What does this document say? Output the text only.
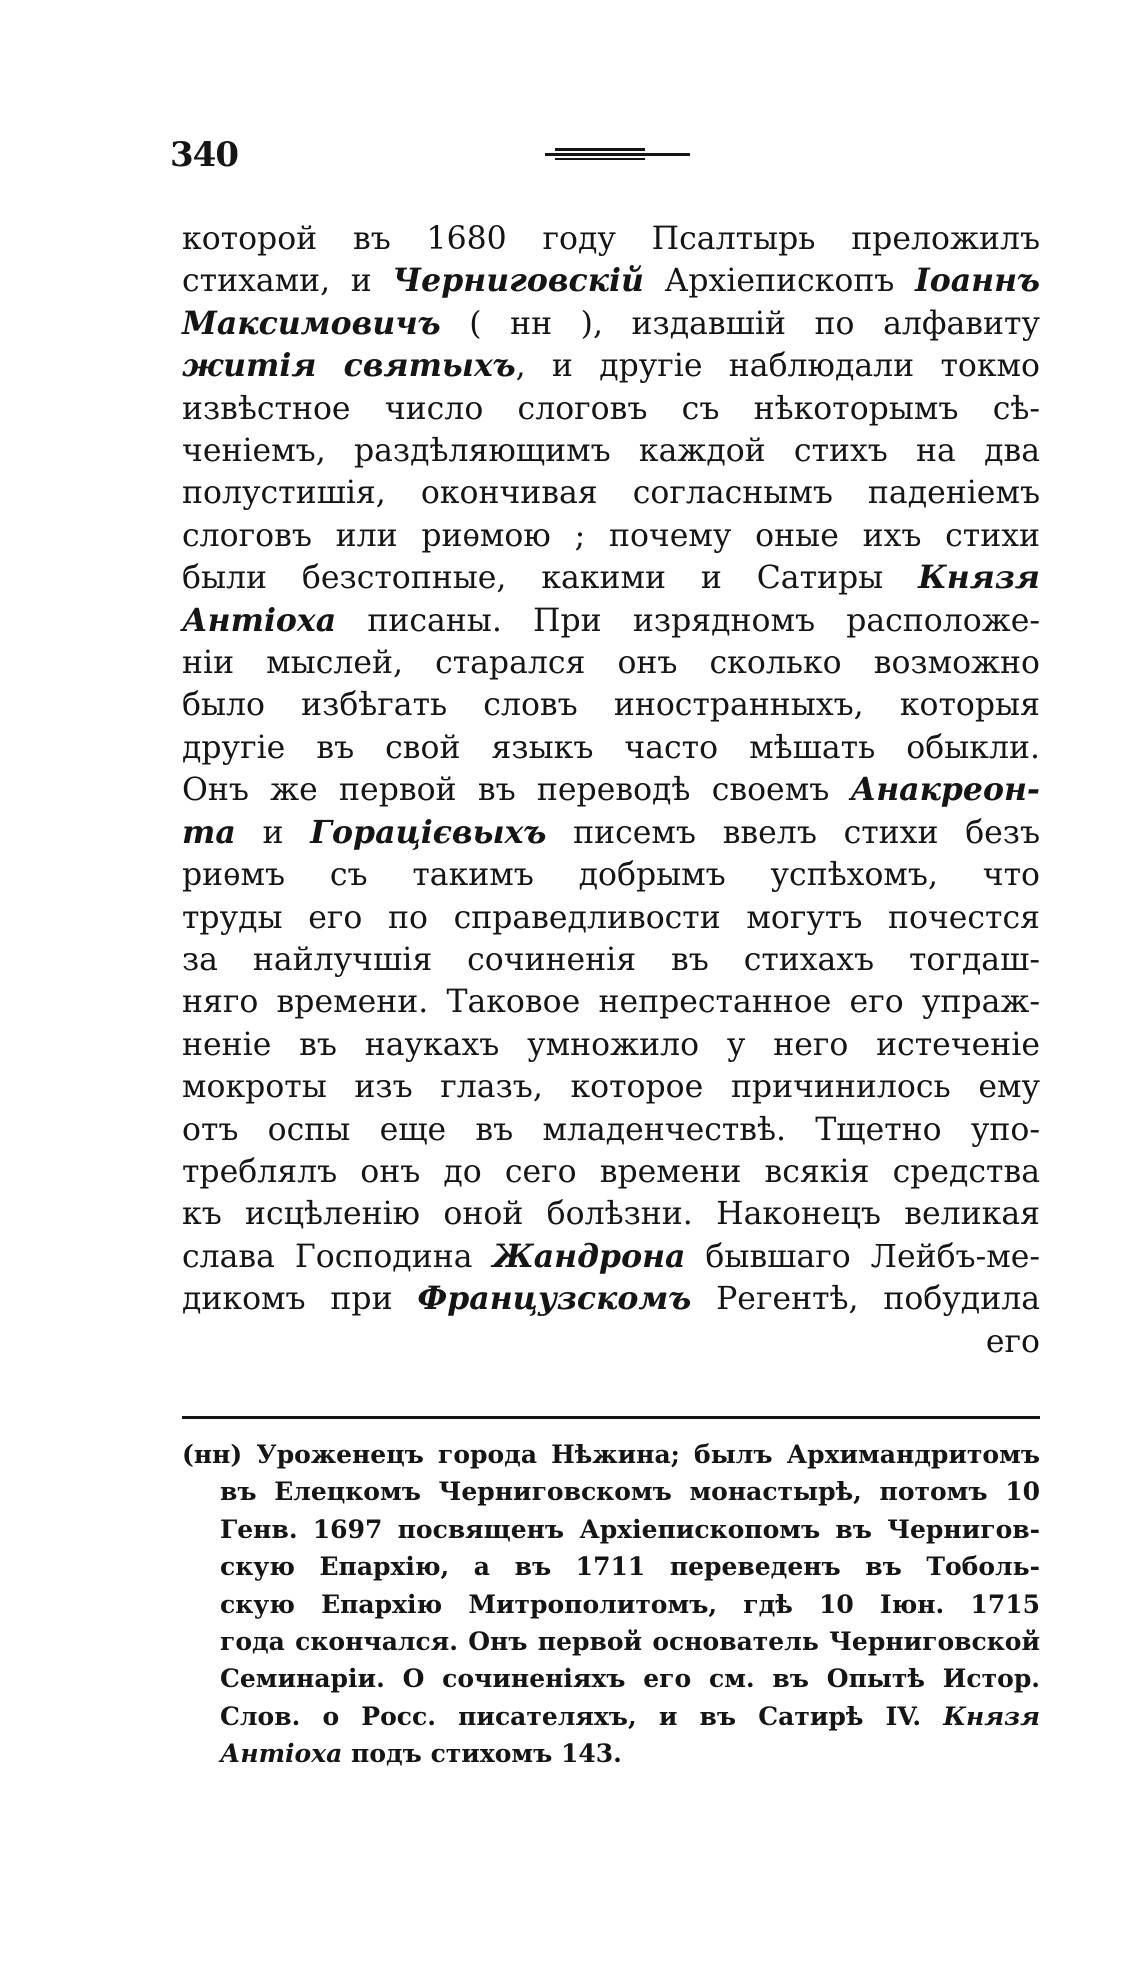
340
которой въ 1680 году Псалтырь преложилъ
стихами, и Черниговскій Архіепископъ Іоаннъ
Максимовичъ ( нн ), издавшій по алфавиту
житія святыхъ, и другіе наблюдали токмо
извѣстное число слоговъ съ нѣкоторымъ сѣ-
ченіемъ, раздѣляющимъ каждой стихъ на два
полустишія, окончивая согласнымъ паденіемъ
слоговъ или риѳмою ; почему оные ихъ стихи
были безстопные, какими и Сатиры Князя
Антіоха писаны. При изрядномъ расположе-
ніи мыслей, старался онъ сколько возможно
было избѣгать словъ иностранныхъ, которыя
другіе въ свой языкъ часто мѣшать обыкли.
Онъ же первой въ переводѣ своемъ Анакреон-
та и Горацієвыхъ писемъ ввелъ стихи безъ
риѳмъ съ такимъ добрымъ успѣхомъ, что
труды его по справедливости могутъ почестся
за найлучшія сочиненія въ стихахъ тогдаш-
няго времени. Таковое непрестанное его упраж-
неніе въ наукахъ умножило у него истеченіе
мокроты изъ глазъ, которое причинилось ему
отъ оспы еще въ младенчествѣ. Тщетно упо-
треблялъ онъ до сего времени всякія средства
къ исцѣленію оной болѣзни. Наконецъ великая
слава Господина Жандрона бывшаго Лейбъ-ме-
дикомъ при Французскомъ Регентѣ, побудила
его
(нн) Уроженецъ города Нѣжина; былъ Архимандритомъ
въ Елецкомъ Черниговскомъ монастырѣ, потомъ 10
Генв. 1697 посвященъ Архіепископомъ въ Чернигов-
скую Епархію, а въ 1711 переведенъ въ Тоболь-
скую Епархію Митрополитомъ, гдѣ 10 Іюн. 1715
года скончался. Онъ первой основатель Черниговской
Семинаріи. О сочиненіяхъ его см. въ Опытѣ Истор.
Слов. о Росс. писателяхъ, и въ Сатирѣ IV. Князя
Антіоха подъ стихомъ 143.
